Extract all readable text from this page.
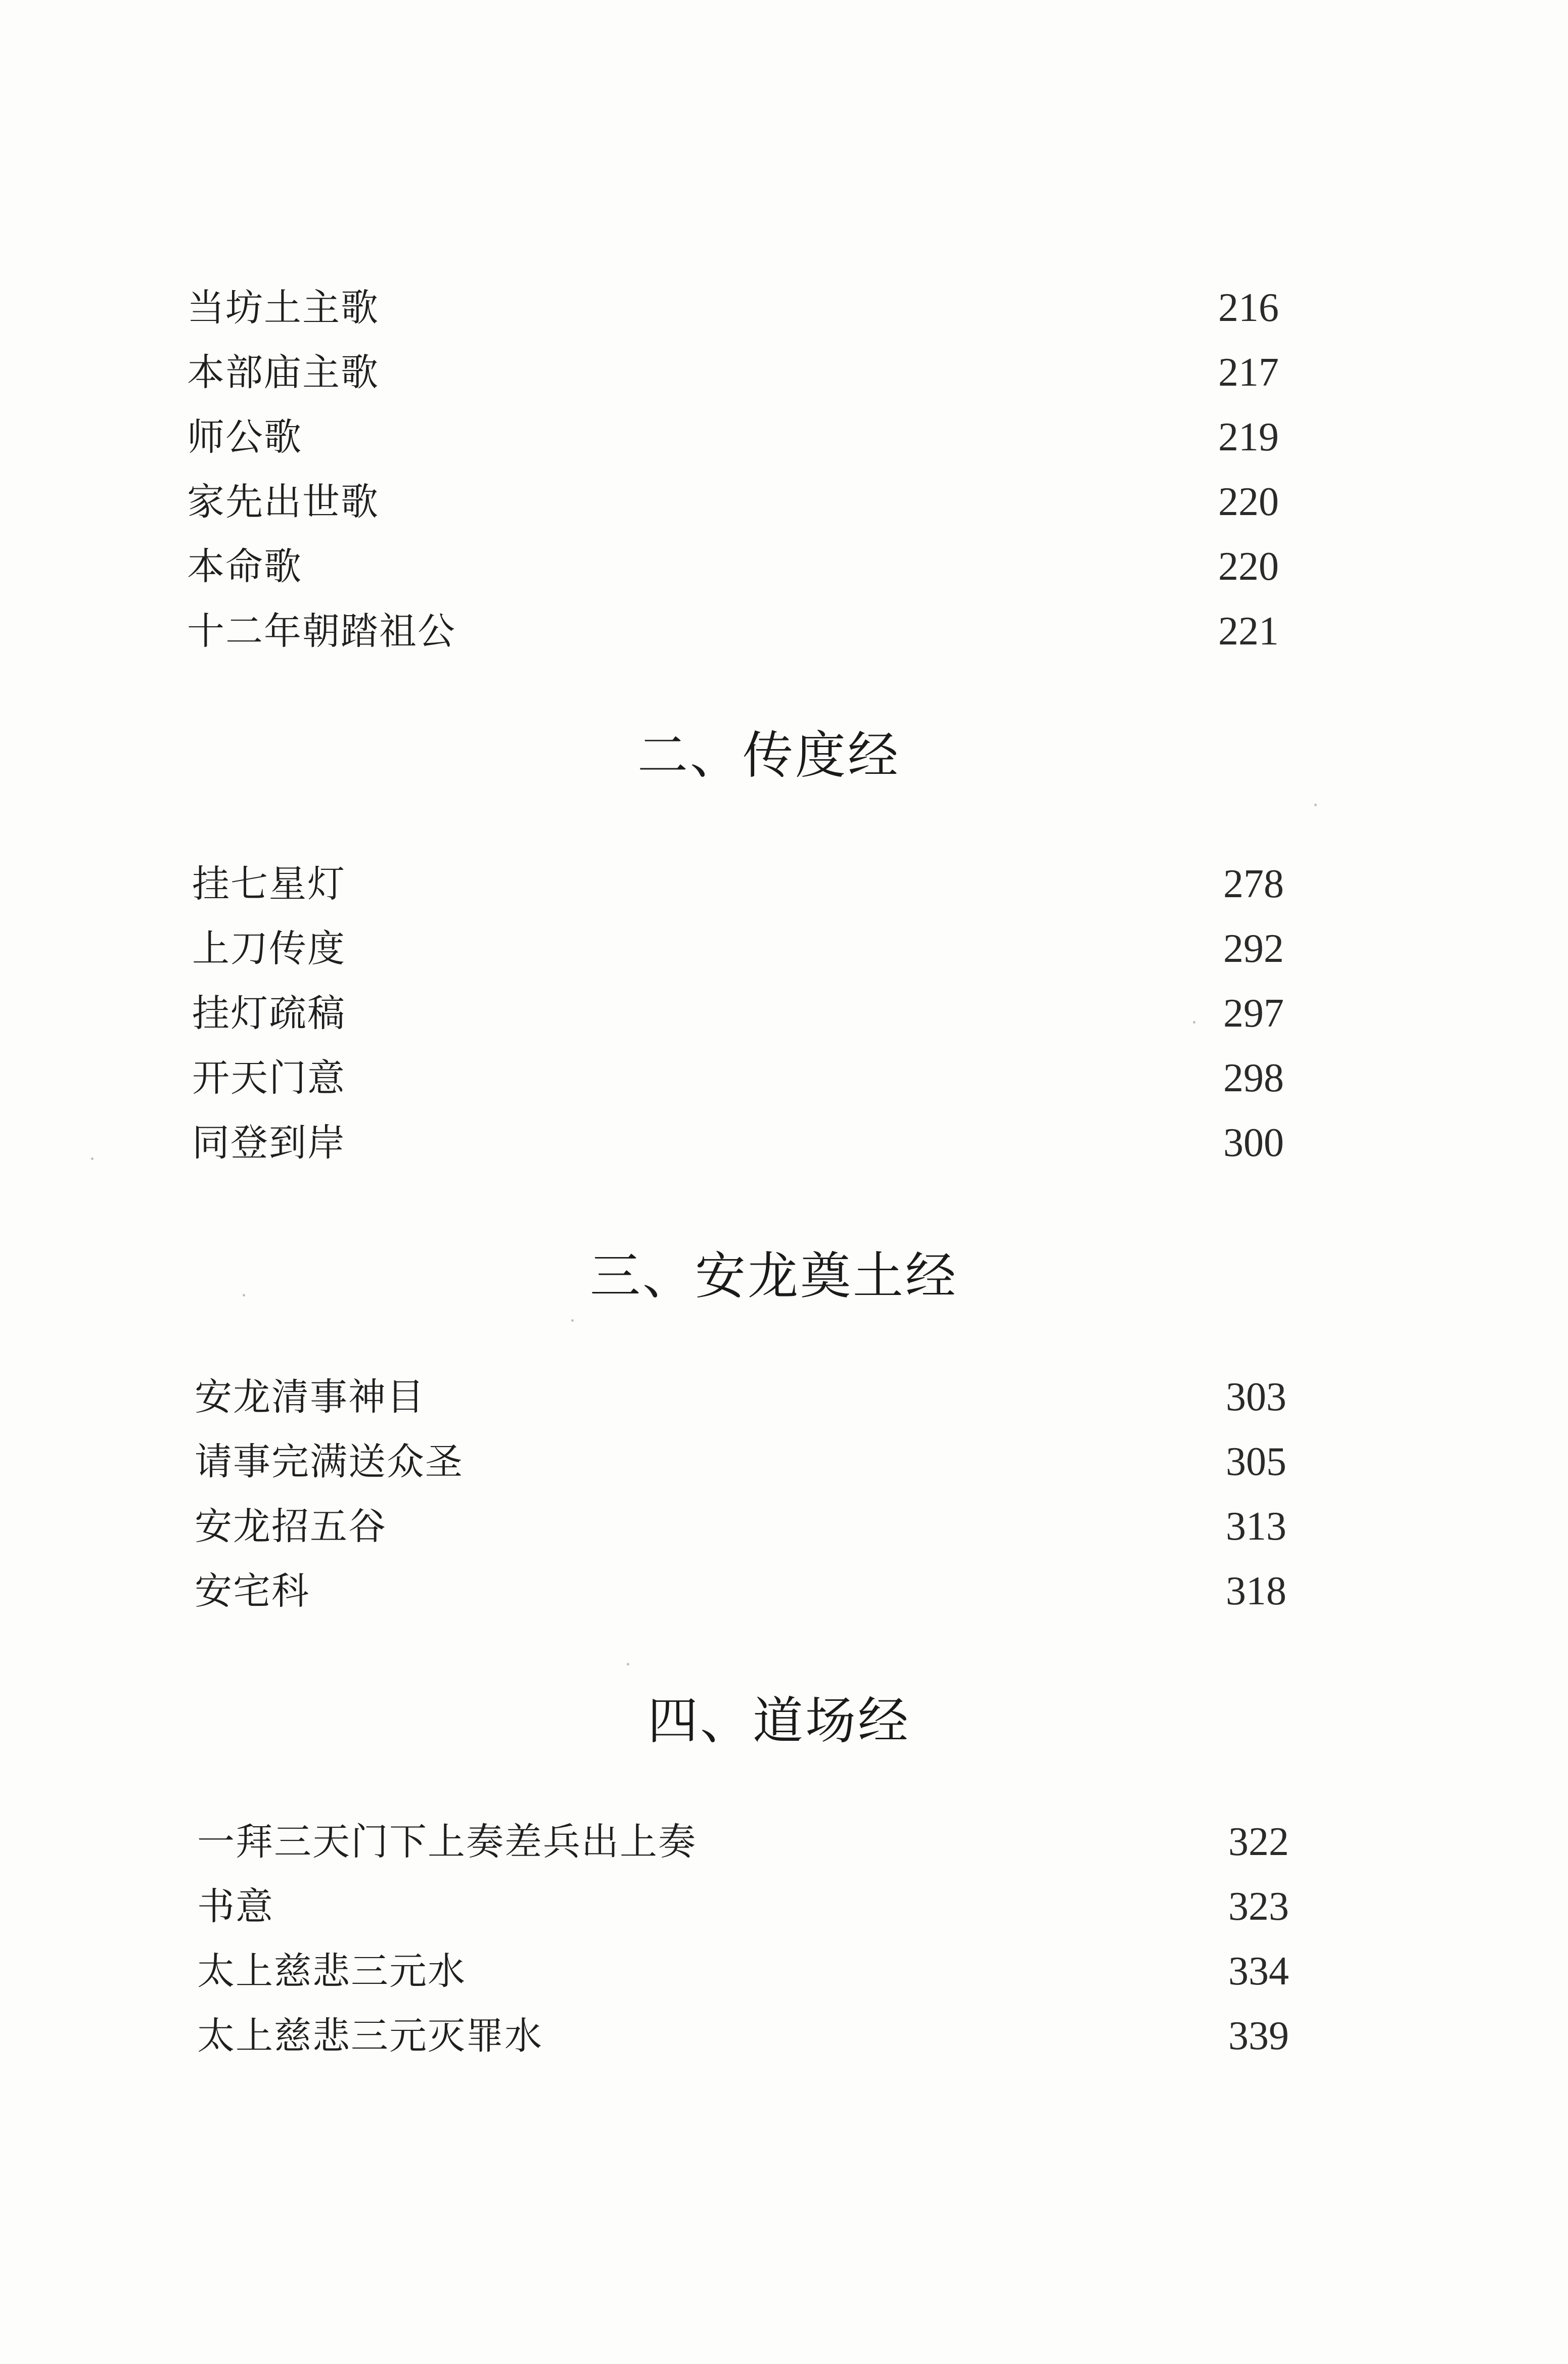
当坊土主歌	216
本部庙主歌	217
师公歌	219
家先出世歌	220
本命歌	220
十二年朝踏祖公	221
二、传度经
挂七星灯	278
上刀传度	292
挂灯疏稿	297
开天门意	298
同登到岸	300
三、安龙奠土经
安龙清事神目	303
请事完满送众圣	305
安龙招五谷	313
安宅科	318
四、道场经
一拜三天门下上奏差兵出上奏	322
书意	323
太上慈悲三元水	334
太上慈悲三元灭罪水	339
